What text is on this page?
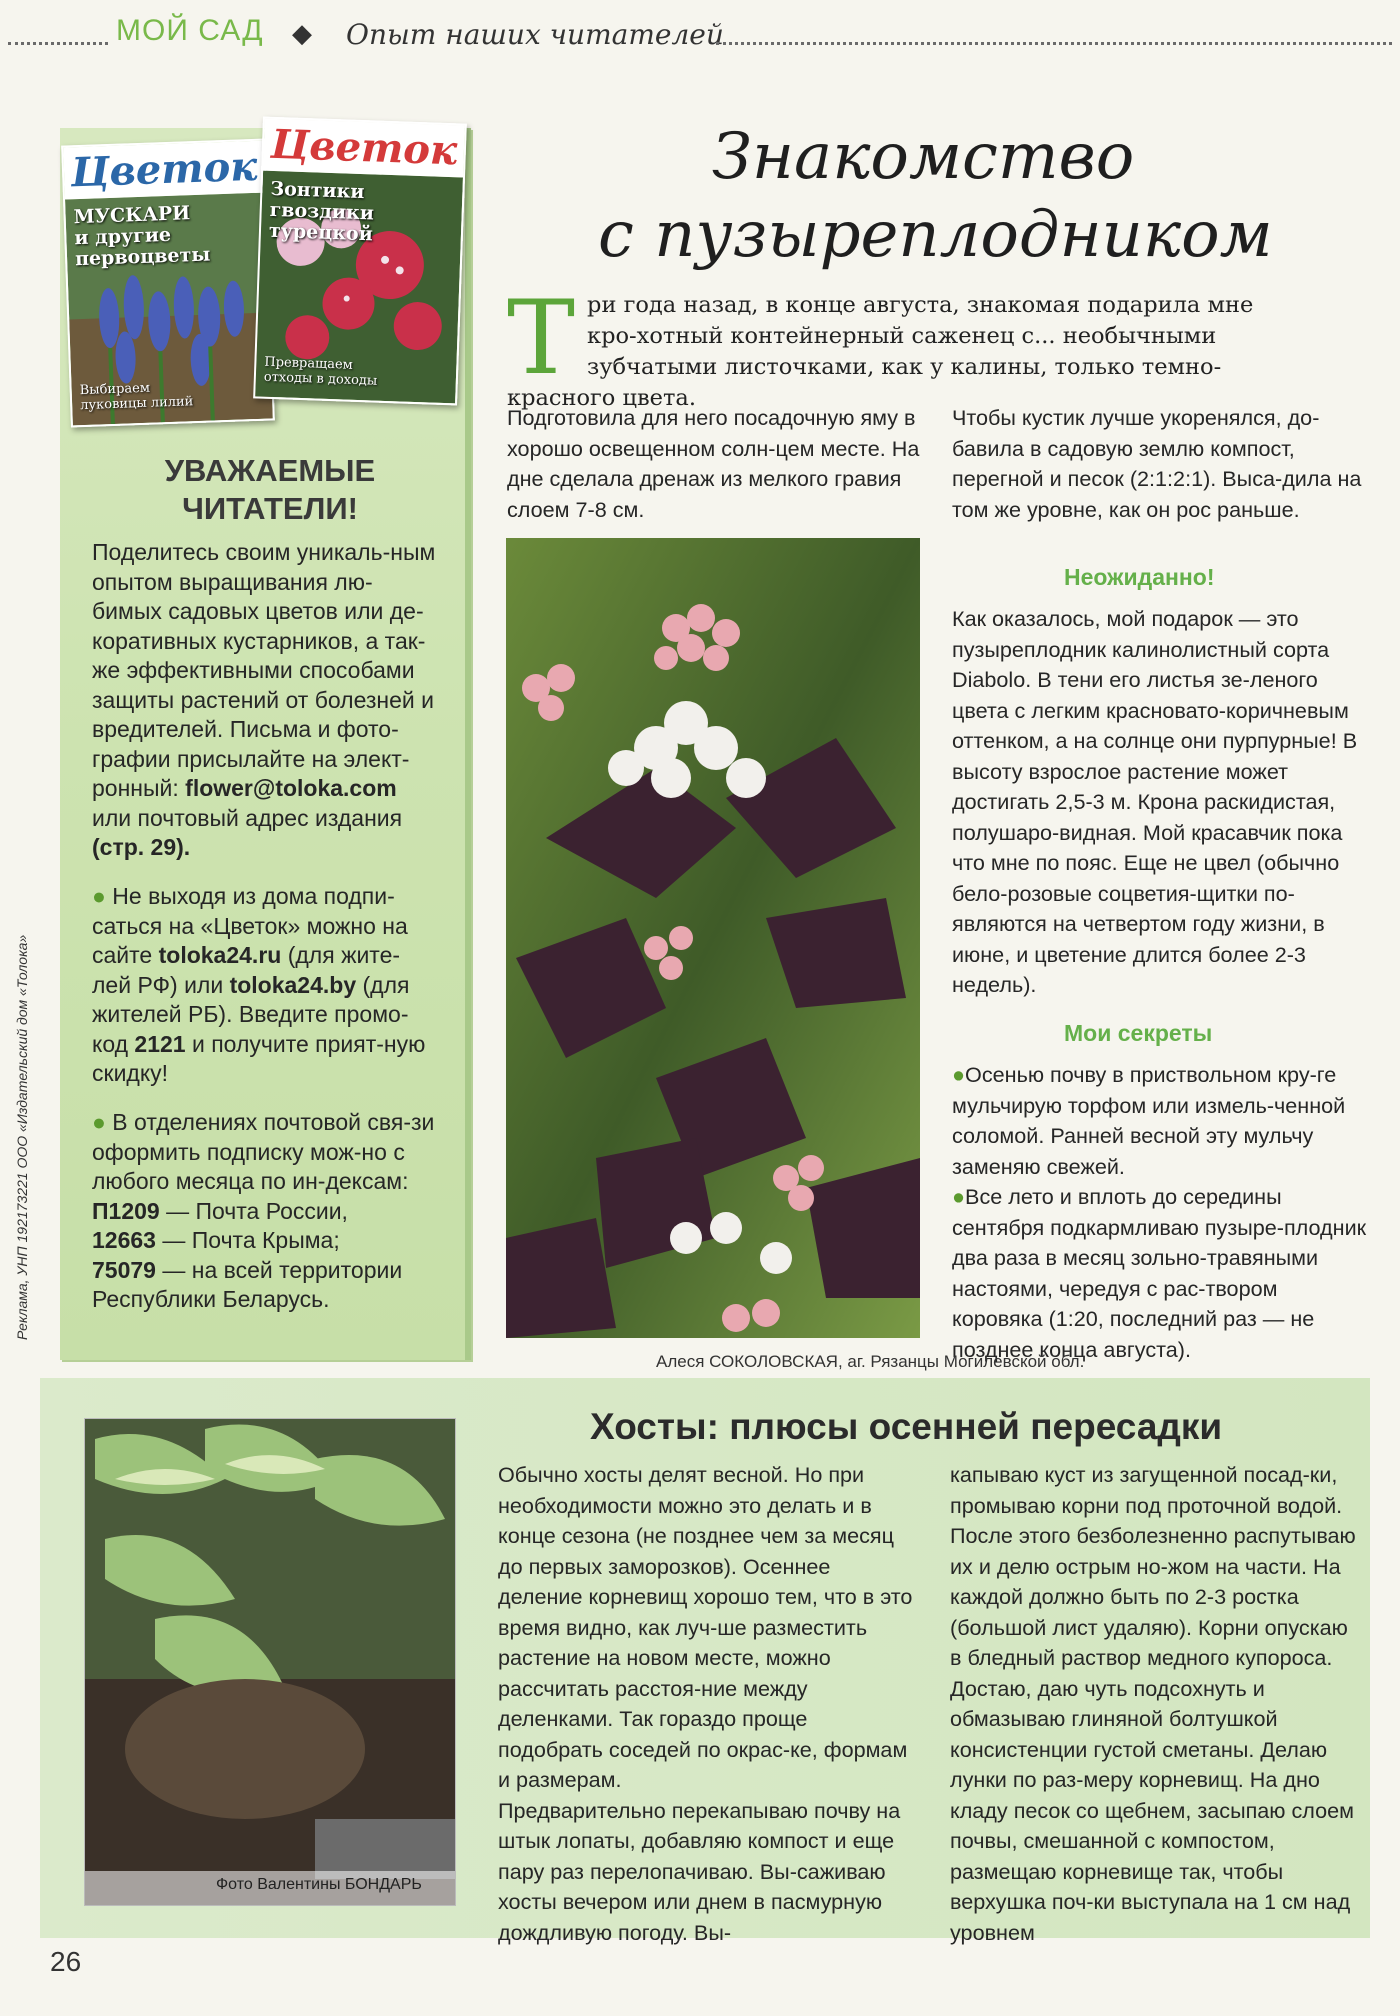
МОЙ САД ◆ Опыт наших читателей
Цветок
МУСКАРИ
и другие
первоцветы
Выбираем
луковицы лилий
Цветок
Зонтики
гвоздики
турецкой
Превращаем
отходы в доходы
УВАЖАЕМЫЕ ЧИТАТЕЛИ!
Поделитесь своим уникаль-ным опытом выращивания лю-бимых садовых цветов или де-коративных кустарников, а так-же эффективными способами защиты растений от болезней и вредителей. Письма и фото-графии присылайте на элект-ронный: flower@toloka.com или почтовый адрес издания (стр. 29).
● Не выходя из дома подпи-саться на «Цветок» можно на сайте toloka24.ru (для жите-лей РФ) или toloka24.by (для жителей РБ). Введите промо-код 2121 и получите прият-ную скидку!
● В отделениях почтовой свя-зи оформить подписку мож-но с любого месяца по ин-дексам:
П1209 — Почта России,
12663 — Почта Крыма;
75079 — на всей территории Республики Беларусь.
Реклама, УНП 192173221 ООО «Издательский дом «Толока»
Знакомство
с пузыреплодником
Т ри года назад, в конце августа, знакомая подарила мне кро-хотный контейнерный саженец с... необычными зубчатыми листочками, как у калины, только темно-красного цвета.
Подготовила для него посадочную яму в хорошо освещенном солн-цем месте. На дне сделала дренаж из мелкого гравия слоем 7-8 см.
Чтобы кустик лучше укоренялся, до-бавила в садовую землю компост, перегной и песок (2:1:2:1). Выса-дила на том же уровне, как он рос раньше.
Неожиданно!
Как оказалось, мой подарок — это пузыреплодник калинолистный сорта Diabolo. В тени его листья зе-леного цвета с легким красновато-коричневым оттенком, а на солнце они пурпурные! В высоту взрослое растение может достигать 2,5-3 м. Крона раскидистая, полушаро-видная. Мой красавчик пока что мне по пояс. Еще не цвел (обычно бело-розовые соцветия-щитки по-являются на четвертом году жизни, в июне, и цветение длится более 2-3 недель).
Мои секреты
●Осенью почву в приствольном кру-ге мульчирую торфом или измель-ченной соломой. Ранней весной эту мульчу заменяю свежей.
●Все лето и вплоть до середины сентября подкармливаю пузыре-плодник два раза в месяц зольно-травяными настоями, чередуя с рас-твором коровяка (1:20, последний раз — не позднее конца августа).
Алеся СОКОЛОВСКАЯ, аг. Рязанцы Могилевской обл.
Фото Валентины БОНДАРЬ
Хосты: плюсы осенней пересадки
Обычно хосты делят весной. Но при необходимости можно это делать и в конце сезона (не позднее чем за месяц до первых заморозков). Осеннее деление корневищ хорошо тем, что в это время видно, как луч-ше разместить растение на новом месте, можно рассчитать расстоя-ние между деленками. Так гораздо проще подобрать соседей по окрас-ке, формам и размерам.
Предварительно перекапываю почву на штык лопаты, добавляю компост и еще пару раз перелопачиваю. Вы-саживаю хосты вечером или днем в пасмурную дождливую погоду. Вы-
капываю куст из загущенной посад-ки, промываю корни под проточной водой. После этого безболезненно распутываю их и делю острым но-жом на части. На каждой должно быть по 2-3 ростка (большой лист удаляю). Корни опускаю в бледный раствор медного купороса. Достаю, даю чуть подсохнуть и обмазываю глиняной болтушкой консистенции густой сметаны. Делаю лунки по раз-меру корневищ. На дно кладу песок со щебнем, засыпаю слоем почвы, смешанной с компостом, размещаю корневище так, чтобы верхушка поч-ки выступала на 1 см над уровнем
26
